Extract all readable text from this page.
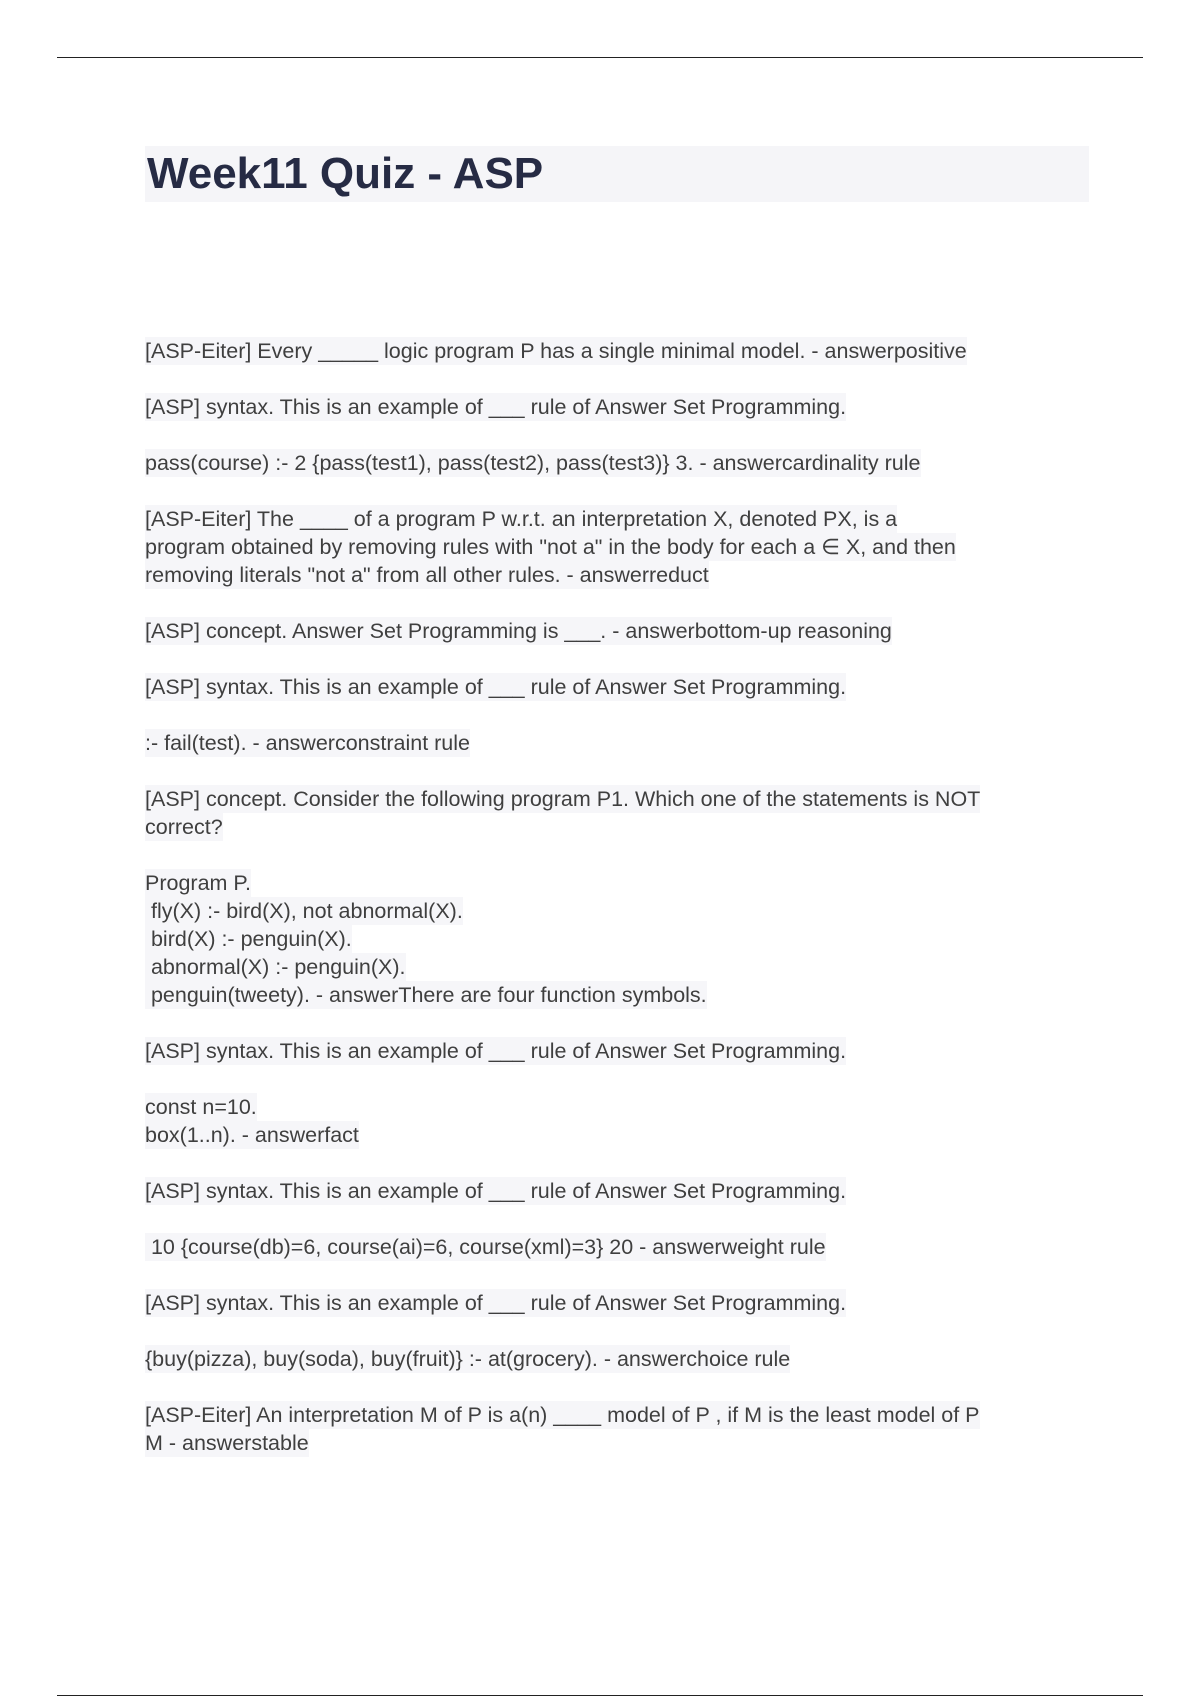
Week11 Quiz - ASP
[ASP-Eiter] Every _____ logic program P has a single minimal model. - answerpositive
[ASP] syntax. This is an example of ___ rule of Answer Set Programming.
pass(course) :- 2 {pass(test1), pass(test2), pass(test3)} 3. - answercardinality rule
[ASP-Eiter] The ____ of a program P w.r.t. an interpretation X, denoted PX, is a
program obtained by removing rules with "not a" in the body for each a ∈ X, and then
removing literals "not a" from all other rules. - answerreduct
[ASP] concept. Answer Set Programming is ___. - answerbottom-up reasoning
[ASP] syntax. This is an example of ___ rule of Answer Set Programming.
:- fail(test). - answerconstraint rule
[ASP] concept. Consider the following program P1. Which one of the statements is NOT
correct?
Program P.
fly(X) :- bird(X), not abnormal(X).
bird(X) :- penguin(X).
abnormal(X) :- penguin(X).
penguin(tweety). - answerThere are four function symbols.
[ASP] syntax. This is an example of ___ rule of Answer Set Programming.
const n=10.
box(1..n). - answerfact
[ASP] syntax. This is an example of ___ rule of Answer Set Programming.
10 {course(db)=6, course(ai)=6, course(xml)=3} 20 - answerweight rule
[ASP] syntax. This is an example of ___ rule of Answer Set Programming.
{buy(pizza), buy(soda), buy(fruit)} :- at(grocery). - answerchoice rule
[ASP-Eiter] An interpretation M of P is a(n) ____ model of P , if M is the least model of P
M - answerstable
